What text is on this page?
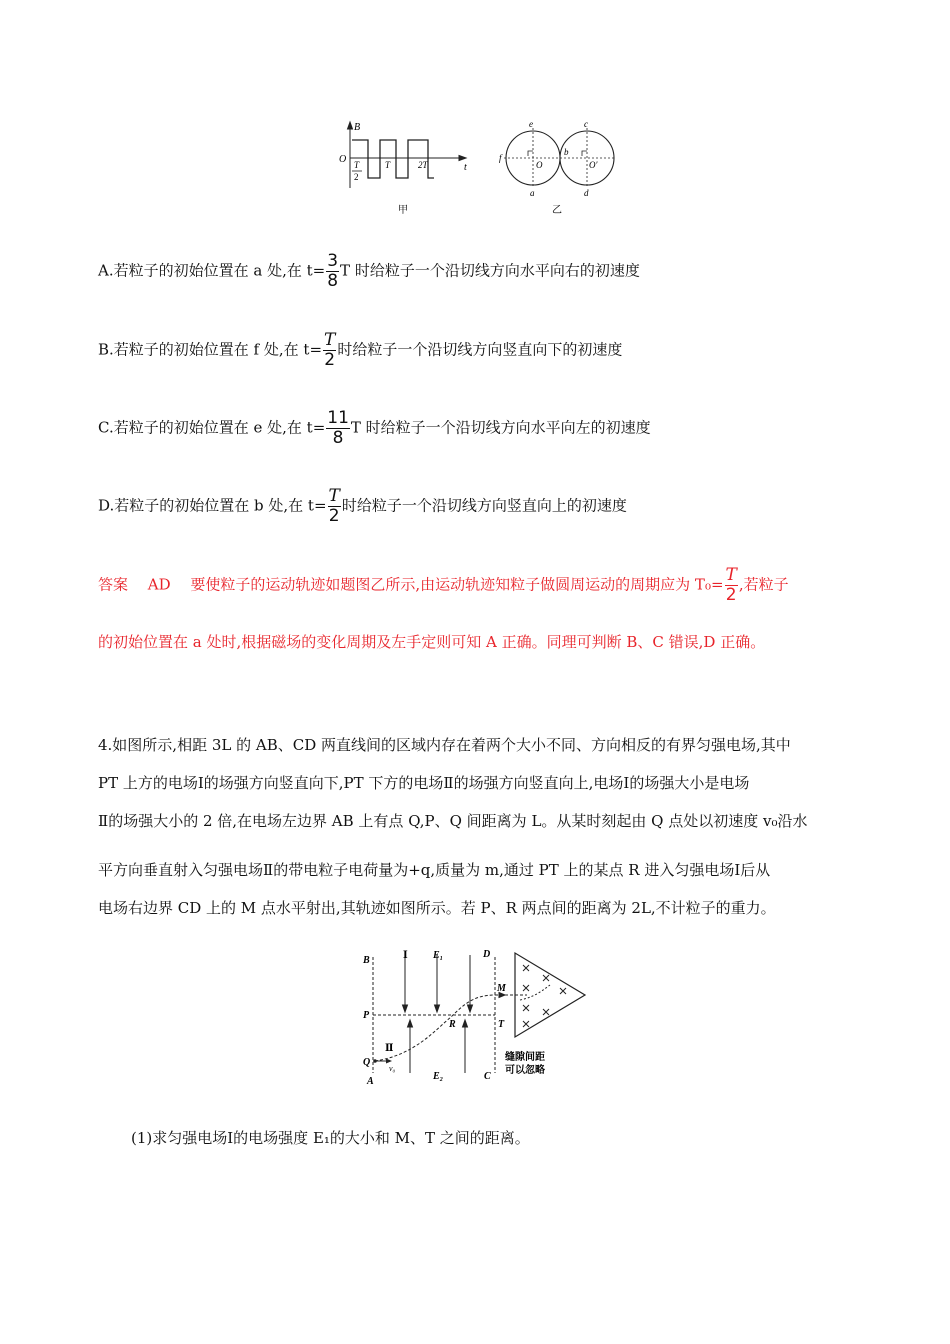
B
t
O T
2
T	2T
甲
e
f
a
O
c
b
d
O′
乙
A.若粒子的初始位置在 a 处,在 $t= \frac{3}{8}$ T 时给粒子一个沿切线方向水平向右的初速度
B.若粒子的初始位置在 f 处,在 $t= \frac{T}{2}$ 时给粒子一个沿切线方向竖直向下的初速度
C.若粒子的初始位置在 e 处,在 $t= \frac{11}{8}$ T 时给粒子一个沿切线方向水平向左的初速度
D.若粒子的初始位置在 b 处,在 $t= \frac{T}{2}$ 时给粒子一个沿切线方向竖直向上的初速度
答案　 AD　 要使粒子的运动轨迹如题图乙所示,由运动轨迹知粒子做圆周运动的周期应为 $T_0= \frac{T}{2}$ ,若粒子
的初始位置在 a 处时,根据磁场的变化周期及左手定则可知 A 正确。同理可判断 B、C 错误,D 正确。
4.如图所示,相距 3L 的 AB、CD 两直线间的区域内存在着两个大小不同、方向相反的有界匀强电场,其中
PT 上方的电场Ⅰ的场强方向竖直向下,PT 下方的电场Ⅱ的场强方向竖直向上,电场Ⅰ的场强大小是电场
Ⅱ的场强大小的 2 倍,在电场左边界 AB 上有点 Q,P、Q 间距离为 L。从某时刻起由 Q 点处以初速度 v₀沿水
平方向垂直射入匀强电场Ⅱ的带电粒子电荷量为+q,质量为 m,通过 PT 上的某点 R 进入匀强电场Ⅰ后从
电场右边界 CD 上的 M 点水平射出,其轨迹如图所示。若 P、R 两点间的距离为 2L,不计粒子的重力。
B
D
Ⅰ	E₁
M
P
T
R
Ⅱ
Q
v₀
A	E₂	C
缝隙间距
可以忽略
(1)求匀强电场Ⅰ的电场强度 E₁的大小和 M、T 之间的距离。
